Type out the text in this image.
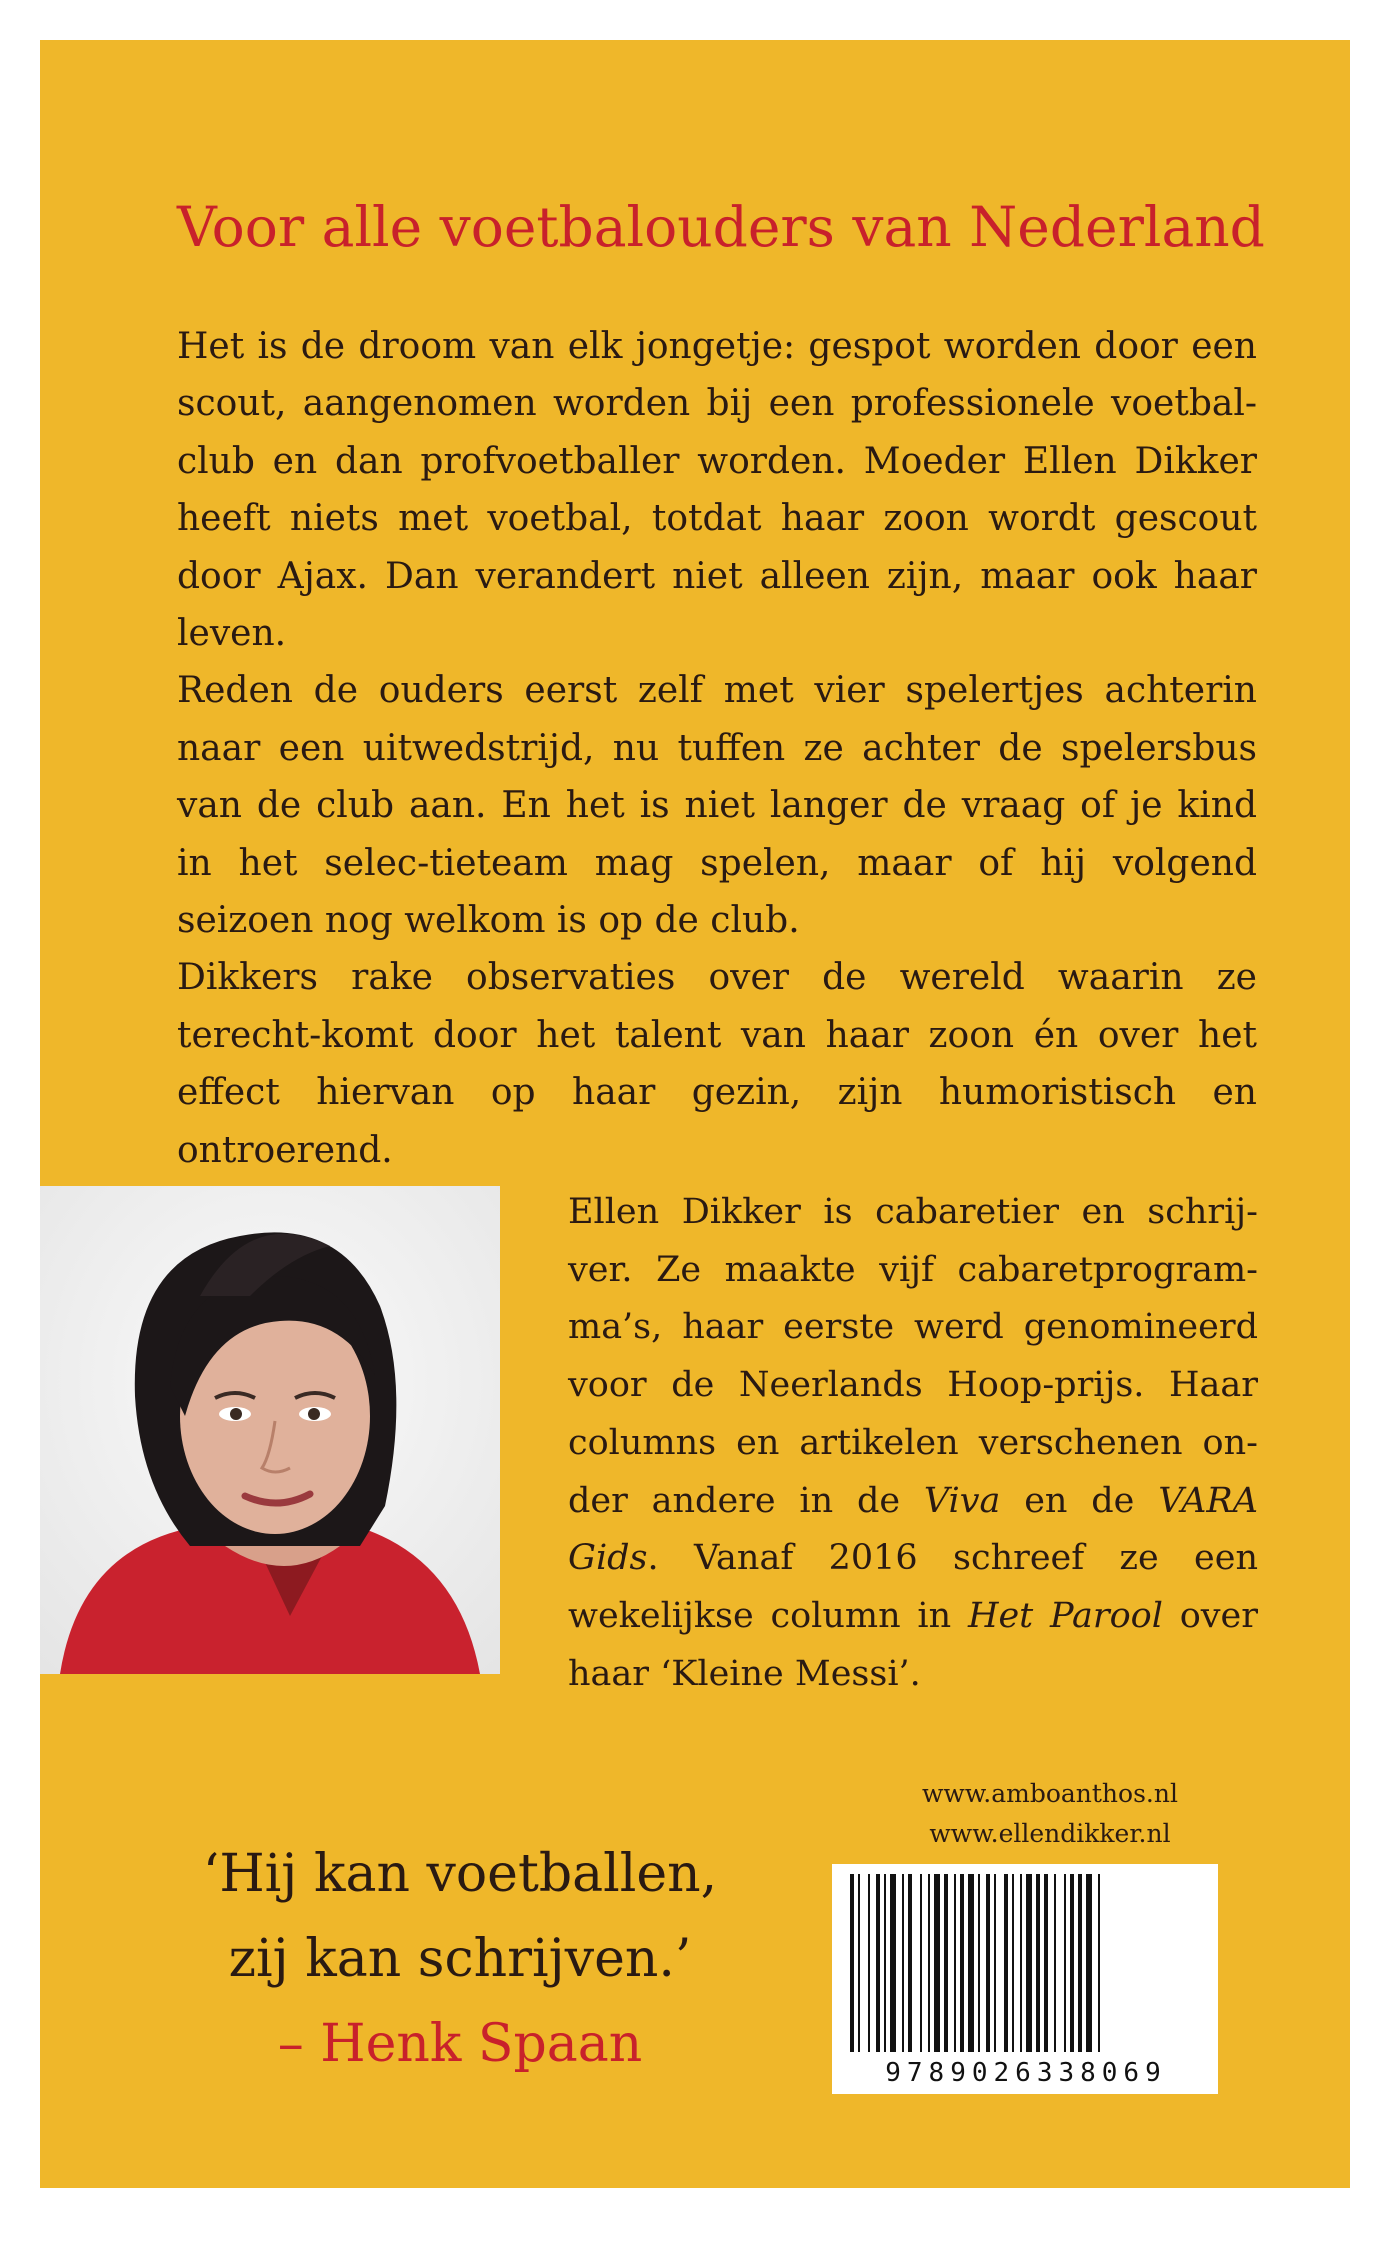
Voor alle voetbalouders van Nederland

Het is de droom van elk jongetje: gespot worden door een scout, aangenomen worden bij een professionele voetbal-club en dan profvoetballer worden. Moeder Ellen Dikker heeft niets met voetbal, totdat haar zoon wordt gescout door Ajax. Dan verandert niet alleen zijn, maar ook haar leven.

Reden de ouders eerst zelf met vier spelertjes achterin naar een uitwedstrijd, nu tuffen ze achter de spelersbus van de club aan. En het is niet langer de vraag of je kind in het selec-tieteam mag spelen, maar of hij volgend seizoen nog welkom is op de club.

Dikkers rake observaties over de wereld waarin ze terecht-komt door het talent van haar zoon én over het effect hiervan op haar gezin, zijn humoristisch en ontroerend.

Ellen Dikker is cabaretier en schrij-ver. Ze maakte vijf cabaretprogram-ma’s, haar eerste werd genomineerd voor de Neerlands Hoop-prijs. Haar columns en artikelen verschenen on-der andere in de Viva en de VARA Gids. Vanaf 2016 schreef ze een wekelijkse column in Het Parool over haar ‘Kleine Messi’.

‘Hij kan voetballen,
zij kan schrijven.’
– Henk Spaan
www.amboanthos.nl
www.ellendikker.nl
9789026338069
